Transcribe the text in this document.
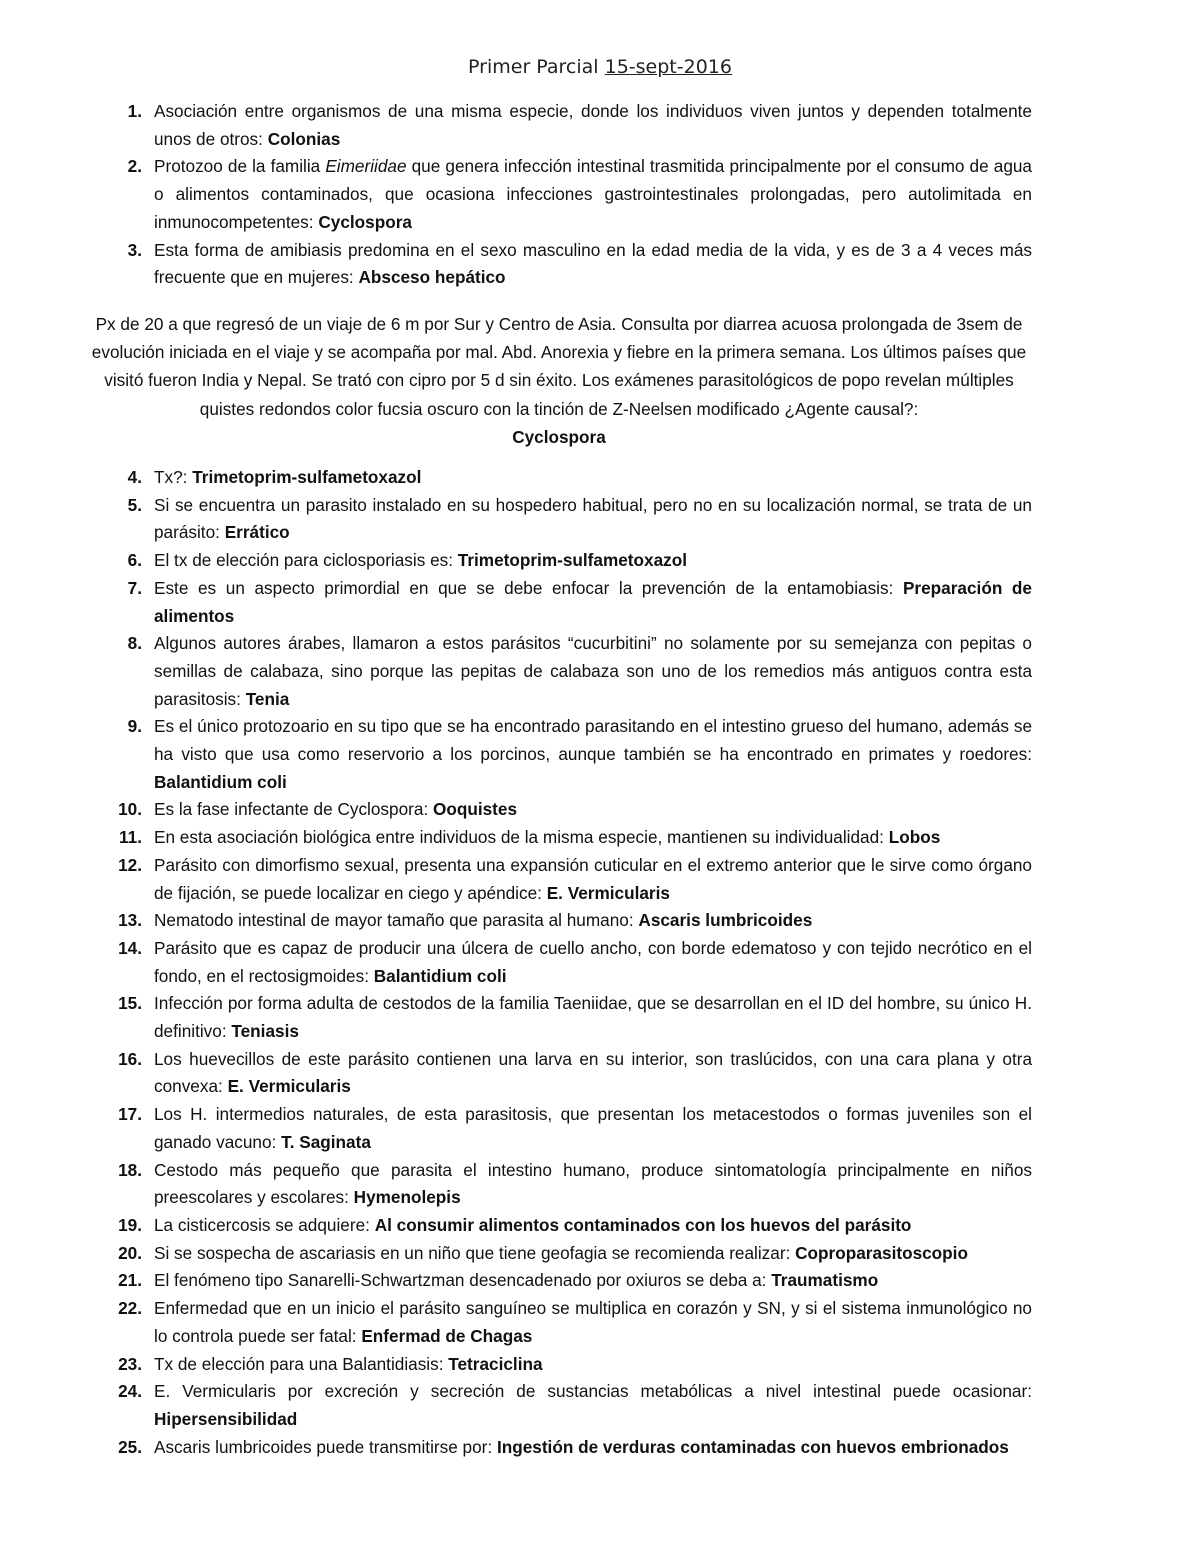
Primer Parcial 15-sept-2016
1. Asociación entre organismos de una misma especie, donde los individuos viven juntos y dependen totalmente unos de otros: Colonias
2. Protozoo de la familia Eimeriidae que genera infección intestinal trasmitida principalmente por el consumo de agua o alimentos contaminados, que ocasiona infecciones gastrointestinales prolongadas, pero autolimitada en inmunocompetentes: Cyclospora
3. Esta forma de amibiasis predomina en el sexo masculino en la edad media de la vida, y es de 3 a 4 veces más frecuente que en mujeres: Absceso hepático
Px de 20 a que regresó de un viaje de 6 m por Sur y Centro de Asia. Consulta por diarrea acuosa prolongada de 3sem de evolución iniciada en el viaje y se acompaña por mal. Abd. Anorexia y fiebre en la primera semana. Los últimos países que visitó fueron India y Nepal. Se trató con cipro por 5 d sin éxito. Los exámenes parasitológicos de popo revelan múltiples quistes redondos color fucsia oscuro con la tinción de Z-Neelsen modificado ¿Agente causal?:
Cyclospora
4. Tx?: Trimetoprim-sulfametoxazol
5. Si se encuentra un parasito instalado en su hospedero habitual, pero no en su localización normal, se trata de un parásito: Errático
6. El tx de elección para ciclosporiasis es: Trimetoprim-sulfametoxazol
7. Este es un aspecto primordial en que se debe enfocar la prevención de la entamobiasis: Preparación de alimentos
8. Algunos autores árabes, llamaron a estos parásitos “cucurbitini” no solamente por su semejanza con pepitas o semillas de calabaza, sino porque las pepitas de calabaza son uno de los remedios más antiguos contra esta parasitosis: Tenia
9. Es el único protozoario en su tipo que se ha encontrado parasitando en el intestino grueso del humano, además se ha visto que usa como reservorio a los porcinos, aunque también se ha encontrado en primates y roedores: Balantidium coli
10. Es la fase infectante de Cyclospora: Ooquistes
11. En esta asociación biológica entre individuos de la misma especie, mantienen su individualidad: Lobos
12. Parásito con dimorfismo sexual, presenta una expansión cuticular en el extremo anterior que le sirve como órgano de fijación, se puede localizar en ciego y apéndice: E. Vermicularis
13. Nematodo intestinal de mayor tamaño que parasita al humano: Ascaris lumbricoides
14. Parásito que es capaz de producir una úlcera de cuello ancho, con borde edematoso y con tejido necrótico en el fondo, en el rectosigmoides: Balantidium coli
15. Infección por forma adulta de cestodos de la familia Taeniidae, que se desarrollan en el ID del hombre, su único H. definitivo: Teniasis
16. Los huevecillos de este parásito contienen una larva en su interior, son traslúcidos, con una cara plana y otra convexa: E. Vermicularis
17. Los H. intermedios naturales, de esta parasitosis, que presentan los metacestodos o formas juveniles son el ganado vacuno: T. Saginata
18. Cestodo más pequeño que parasita el intestino humano, produce sintomatología principalmente en niños preescolares y escolares: Hymenolepis
19. La cisticercosis se adquiere: Al consumir alimentos contaminados con los huevos del parásito
20. Si se sospecha de ascariasis en un niño que tiene geofagia se recomienda realizar: Coproparasitoscopio
21. El fenómeno tipo Sanarelli-Schwartzman desencadenado por oxiuros se deba a: Traumatismo
22. Enfermedad que en un inicio el parásito sanguíneo se multiplica en corazón y SN, y si el sistema inmunológico no lo controla puede ser fatal: Enfermad de Chagas
23. Tx de elección para una Balantidiasis: Tetraciclina
24. E. Vermicularis por excreción y secreción de sustancias metabólicas a nivel intestinal puede ocasionar: Hipersensibilidad
25. Ascaris lumbricoides puede transmitirse por: Ingestión de verduras contaminadas con huevos embrionados
